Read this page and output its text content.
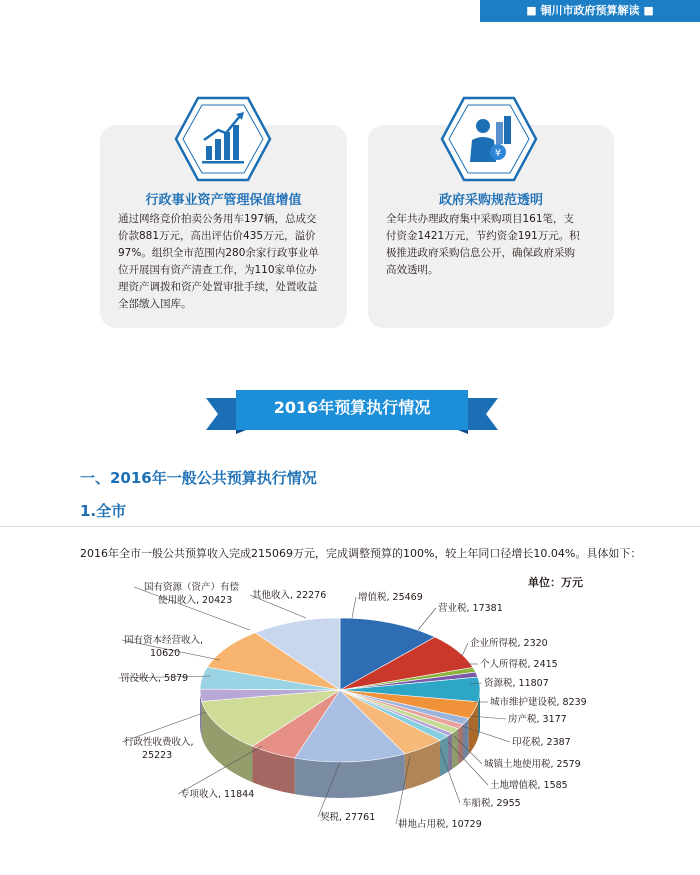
■ 铜川市政府预算解读 ■
行政事业资产管理保值增值
通过网络竞价拍卖公务用车197辆，总成交
价款881万元，高出评估价435万元，溢价
97%。组织全市范围内280余家行政事业单
位开展国有资产清查工作，为110家单位办
理资产调拨和资产处置审批手续，处置收益
全部缴入国库。
政府采购规范透明
全年共办理政府集中采购项目161笔，支
付资金1421万元，节约资金191万元。积
极推进政府采购信息公开，确保政府采购
高效透明。
¥
2016年预算执行情况
一、2016年一般公共预算执行情况
1.全市
2016年全市一般公共预算收入完成215069万元，完成调整预算的100%，较上年同口径增长10.04%。具体如下：
单位：万元
增值税, 25469
营业税, 17381
企业所得税, 2320
个人所得税, 2415
资源税, 11807
城市维护建设税, 8239
房产税, 3177
印花税, 2387
城镇土地使用税, 2579
土地增值税, 1585
车船税, 2955
耕地占用税, 10729
契税, 27761
专项收入, 11844
行政性收费收入, 25223
罚没收入, 5879
国有资本经营收入, 10620
国有资源（资产）有偿使用收入, 20423	其他收入, 22276
